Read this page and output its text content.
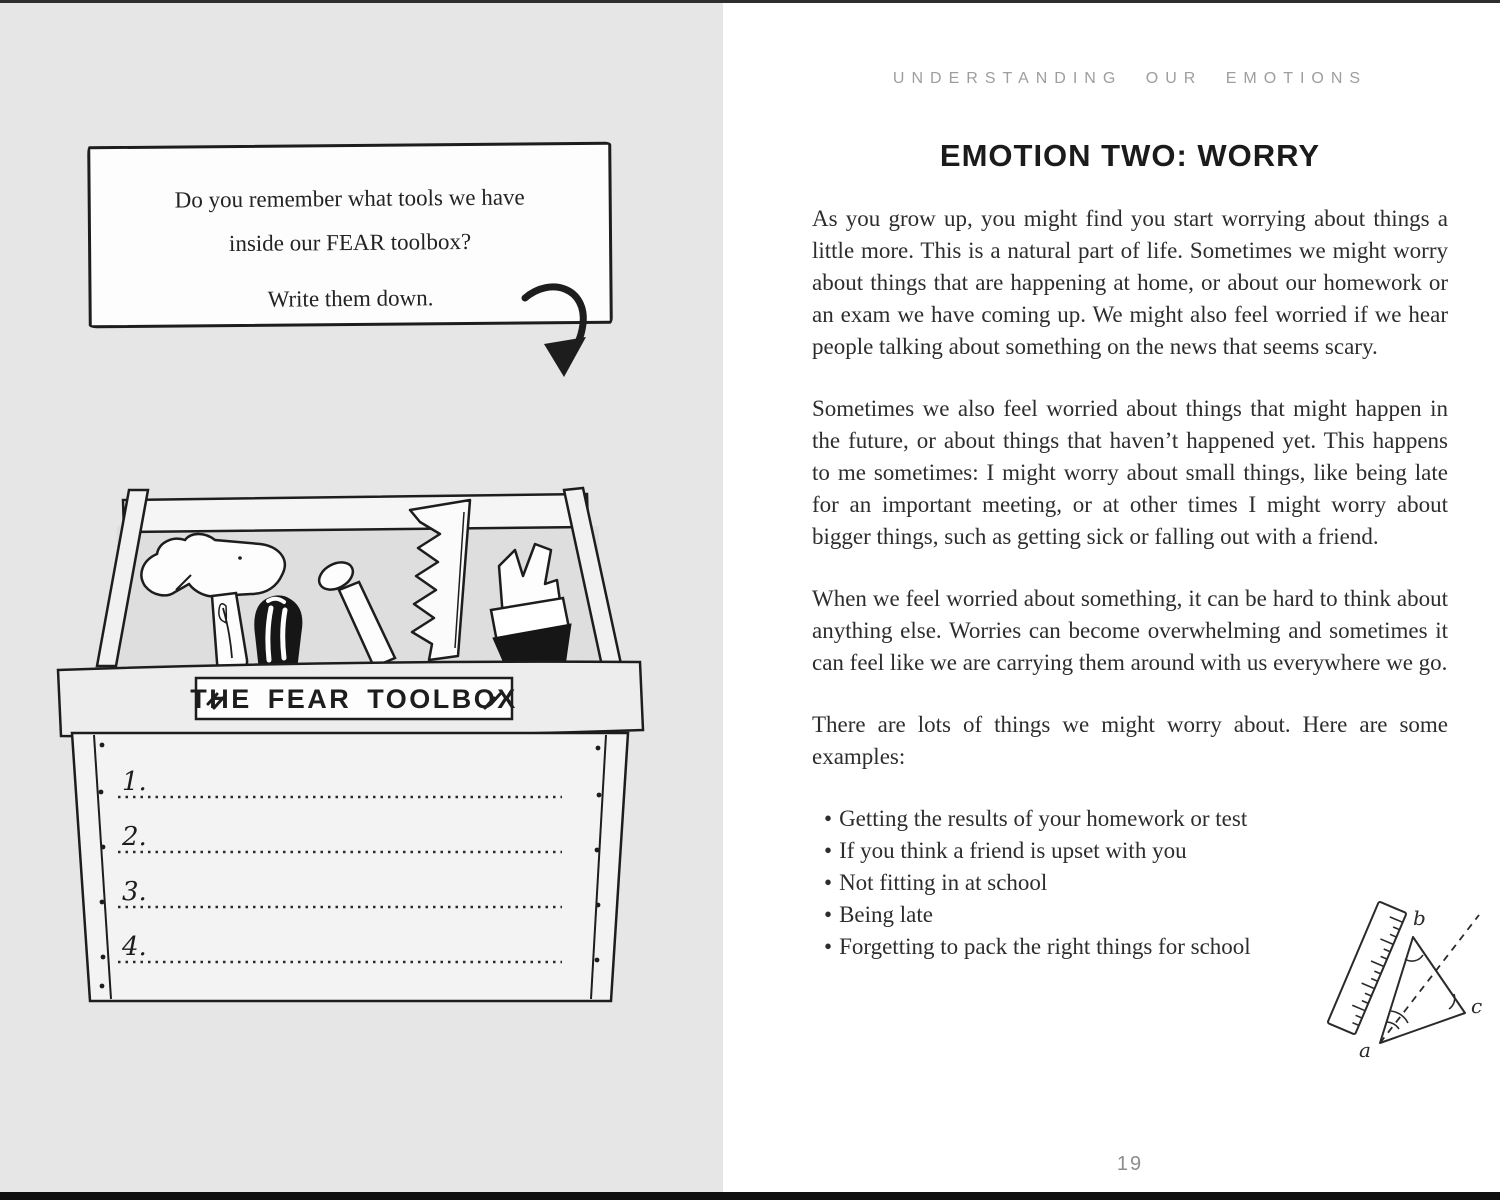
Do you remember what tools we have
inside our FEAR toolbox?
Write them down.
THE FEAR TOOLBOX
1.
2.
3.
4.
UNDERSTANDING OUR EMOTIONS
EMOTION TWO: WORRY

As you grow up, you might find you start worrying about things a little more. This is a natural part of life. Sometimes we might worry about things that are happening at home, or about our homework or an exam we have coming up. We might also feel worried if we hear people talking about something on the news that seems scary.

Sometimes we also feel worried about things that might happen in the future, or about things that haven’t happened yet. This happens to me sometimes: I might worry about small things, like being late for an important meeting, or at other times I might worry about bigger things, such as getting sick or falling out with a friend.

When we feel worried about something, it can be hard to think about anything else. Worries can become overwhelming and sometimes it can feel like we are carrying them around with us everywhere we go.

There are lots of things we might worry about. Here are some examples:

• Getting the results of your homework or test
• If you think a friend is upset with you
• Not fitting in at school
• Being late
• Forgetting to pack the right things for school
a
b
c
19
